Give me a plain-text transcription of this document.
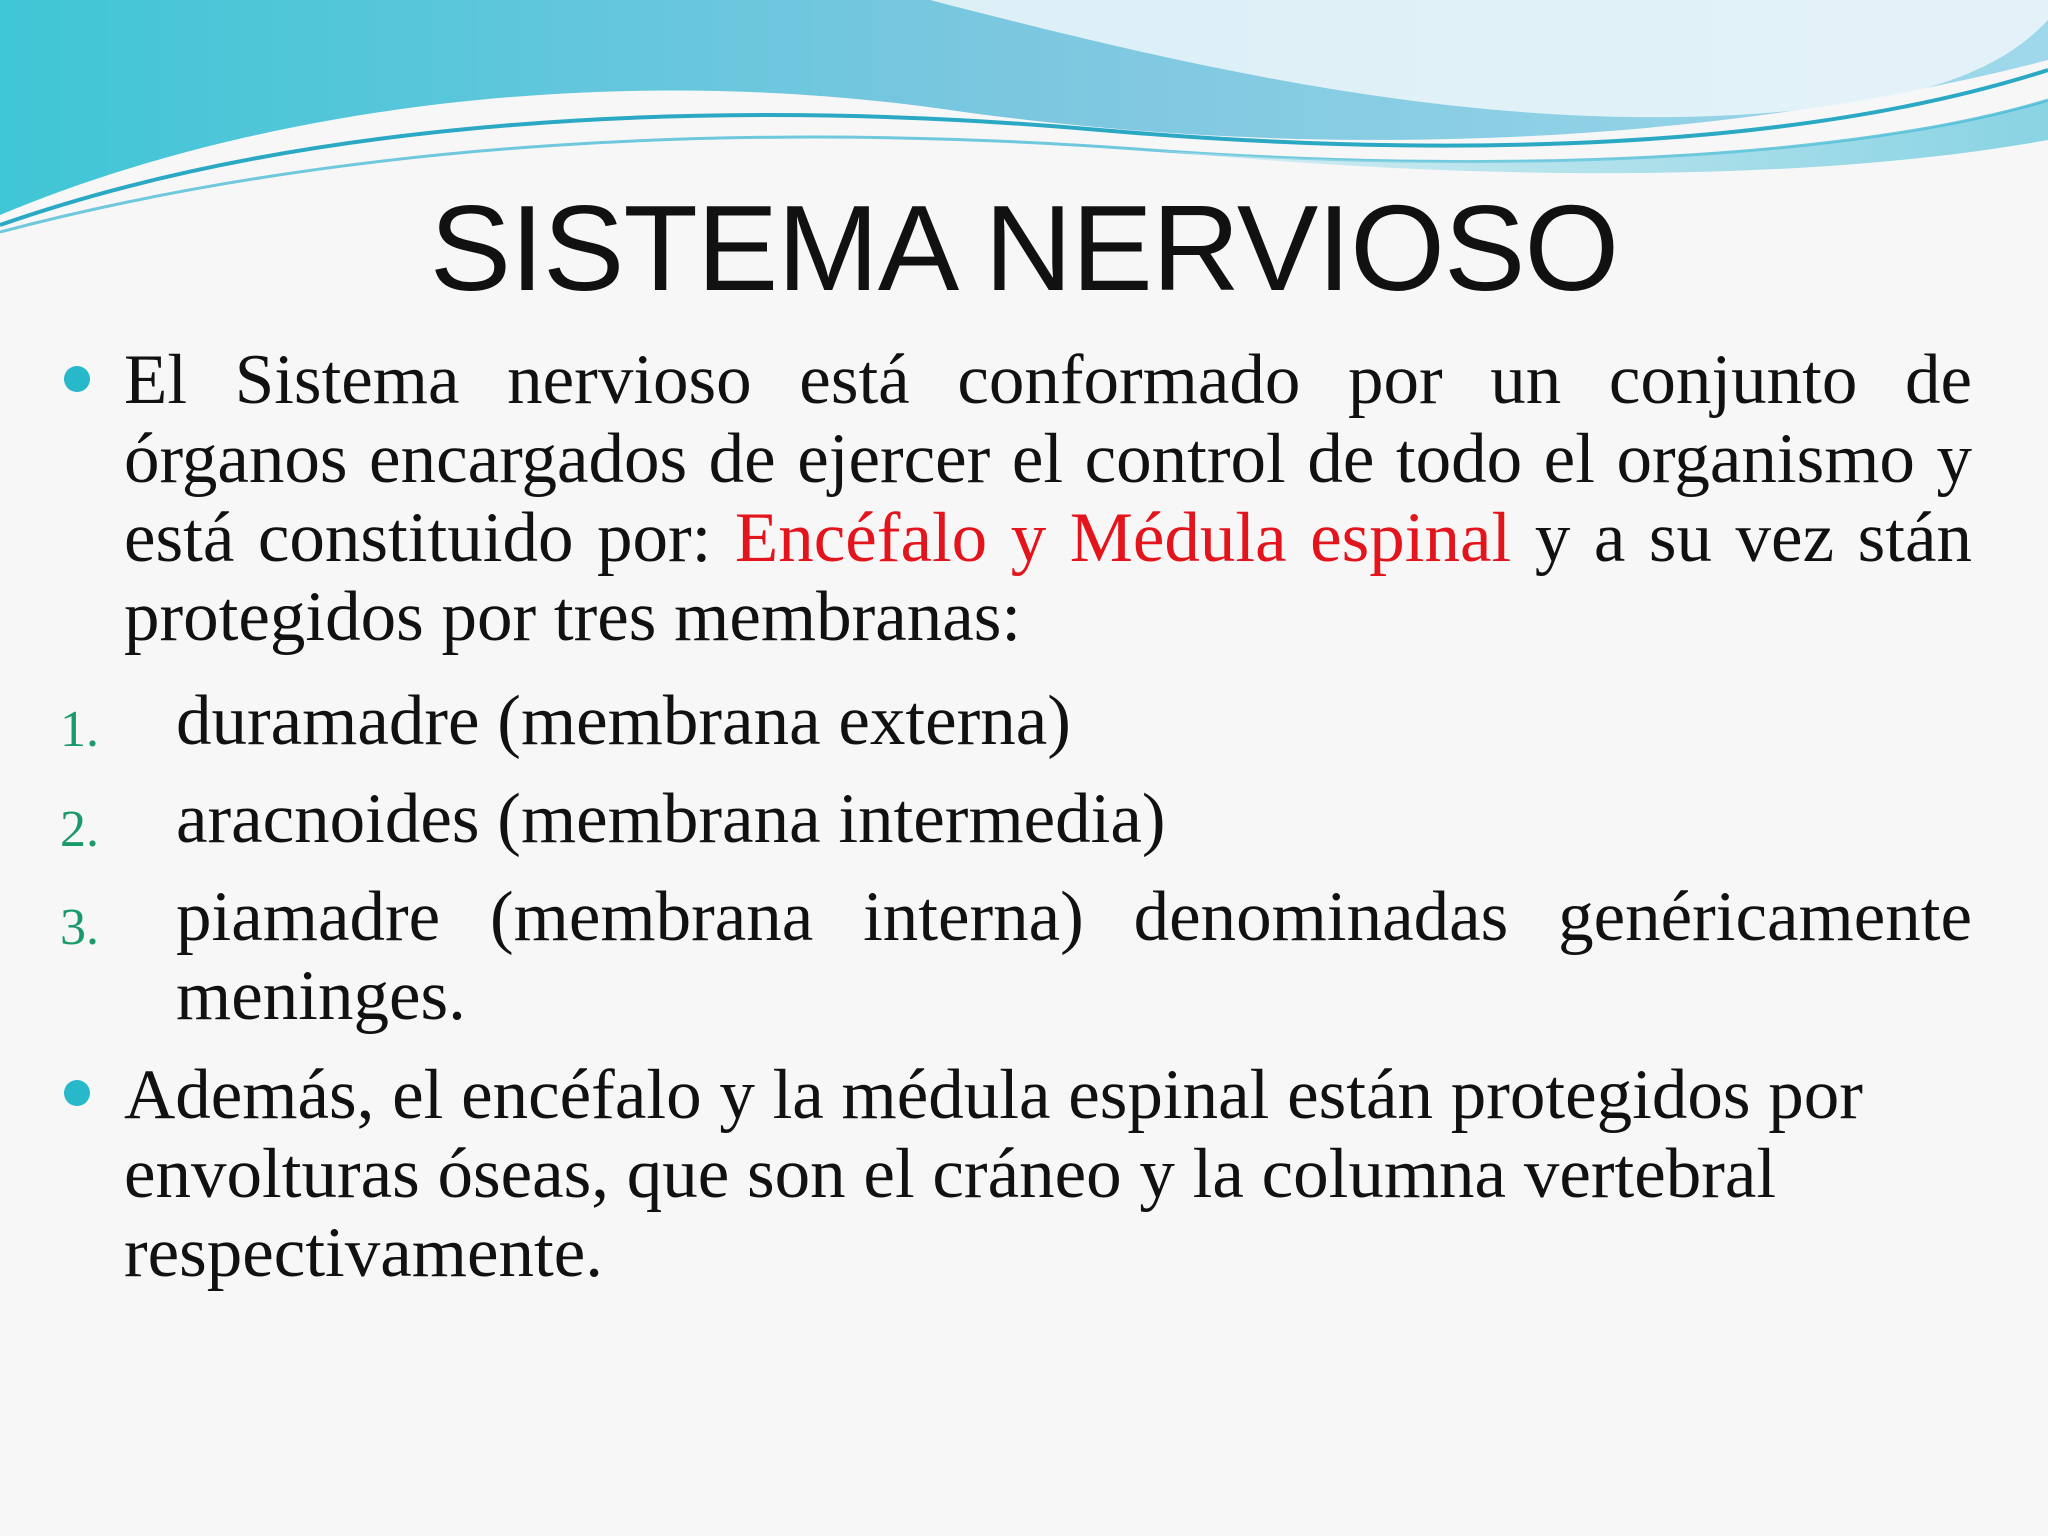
SISTEMA NERVIOSO

El Sistema nervioso está conformado por un conjunto de órganos encargados de ejercer el control de todo el organismo y está constituido por: Encéfalo y Médula espinal y a su vez stán protegidos por tres membranas:

1. duramadre (membrana externa)

2. aracnoides (membrana intermedia)

3. piamadre (membrana interna) denominadas genéricamente meninges.

Además, el encéfalo y la médula espinal están protegidos por envolturas óseas, que son el cráneo y la columna vertebral respectivamente.
